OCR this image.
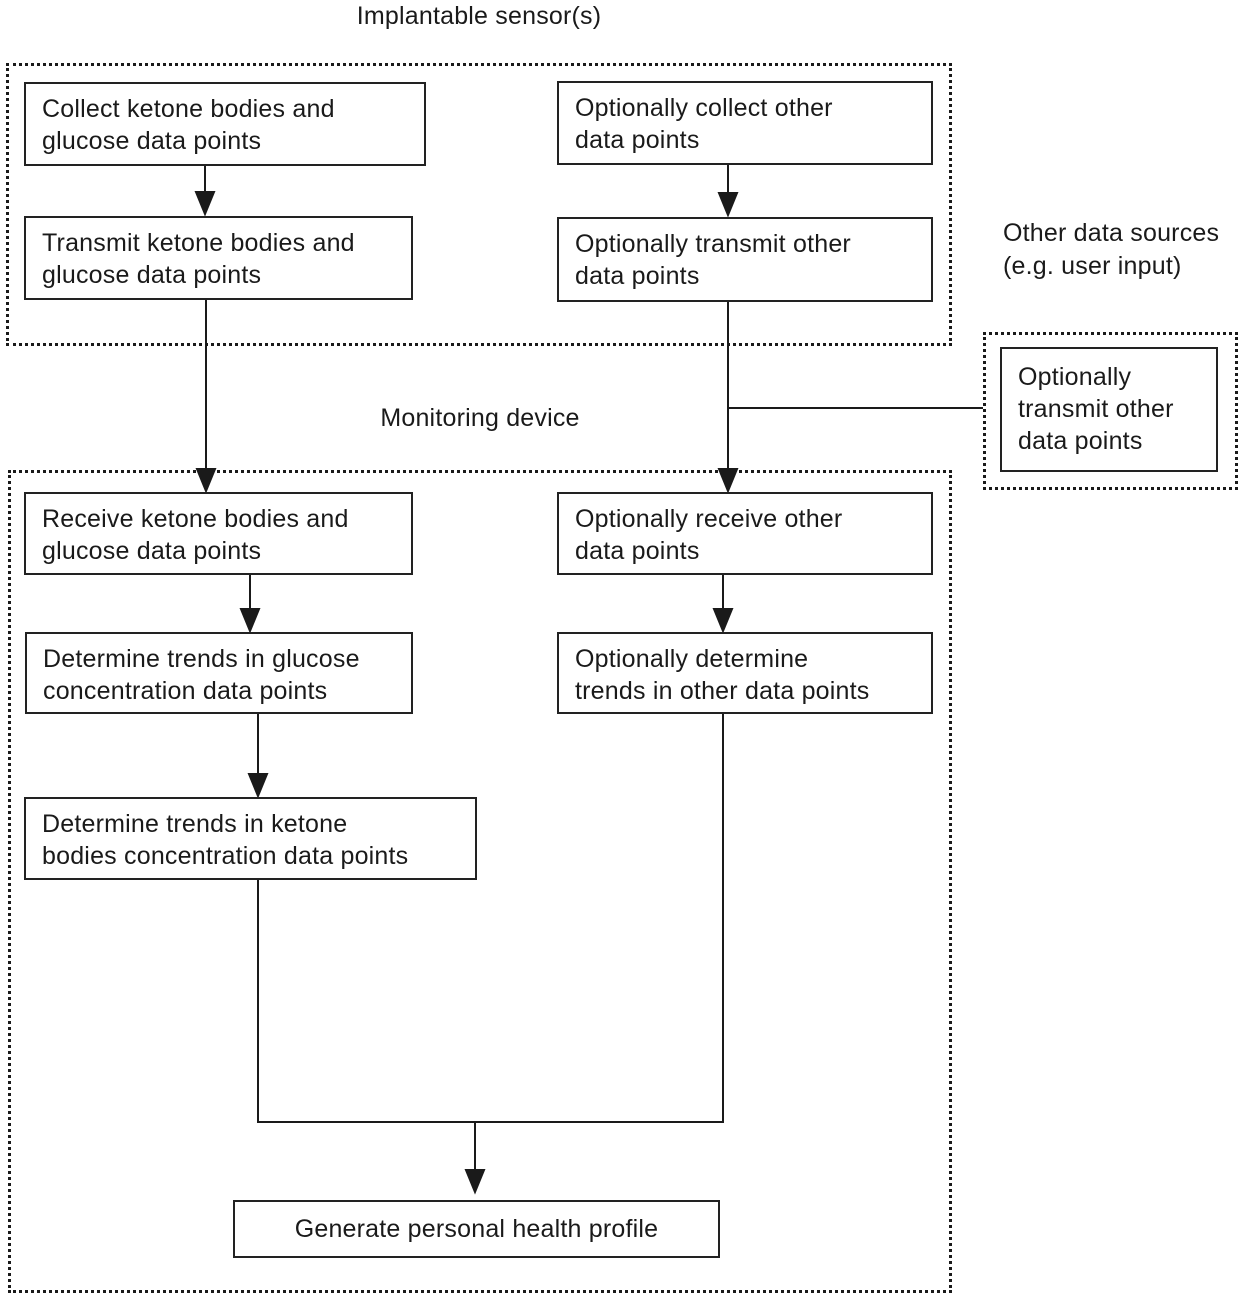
Implantable sensor(s)
Other data sources
(e.g. user input)
Monitoring device
Collect ketone bodies and
glucose data points
Optionally collect other
data points
Transmit ketone bodies and
glucose data points
Optionally transmit other
data points
Optionally
transmit other
data points
Receive ketone bodies and
glucose data points
Optionally receive other
data points
Determine trends in glucose
concentration data points
Optionally determine
trends in other data points
Determine trends in ketone
bodies concentration data points
Generate personal health profile
